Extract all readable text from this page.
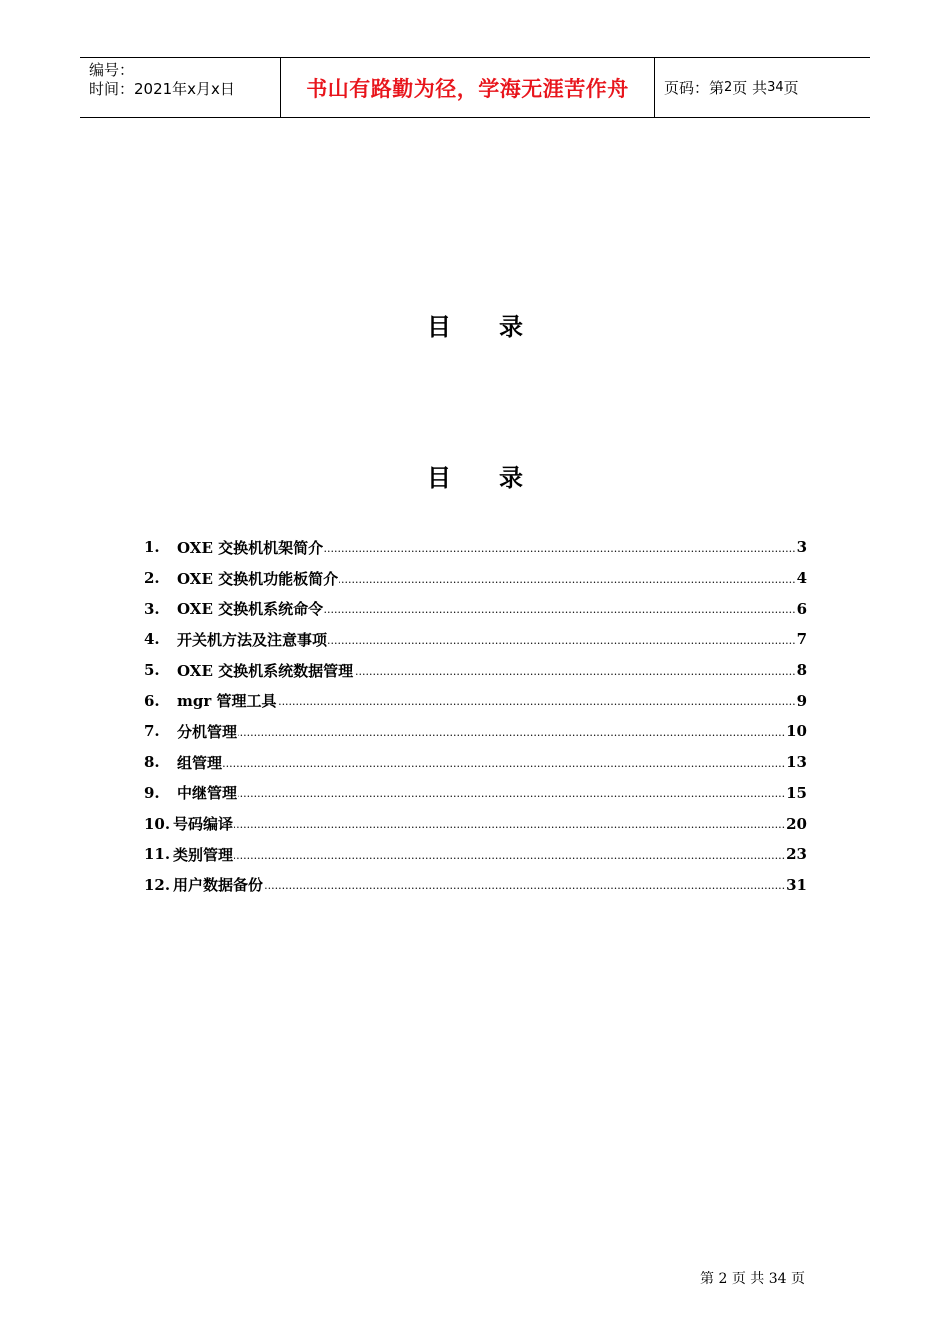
编号：
时间：2021年x月x日	书山有路勤为径，学海无涯苦作舟 页码：第 2 页 共 34 页
目　　录
目　　录
1.	OXE 交换机机架简介 .....	3
2.	OXE 交换机功能板简介 .....	4
3.	OXE 交换机系统命令 .....	6
4.	开关机方法及注意事项 .....	7
5.	OXE 交换机系统数据管理 .....	8
6.	mgr 管理工具 .....	9
7.	分机管理 .....	10
8.	组管理 .....	13
9.	中继管理 .....	15
10. 号码编译 .....	20
11. 类别管理 .....	23
12. 用户数据备份 .....	31
第 2 页 共 34 页
